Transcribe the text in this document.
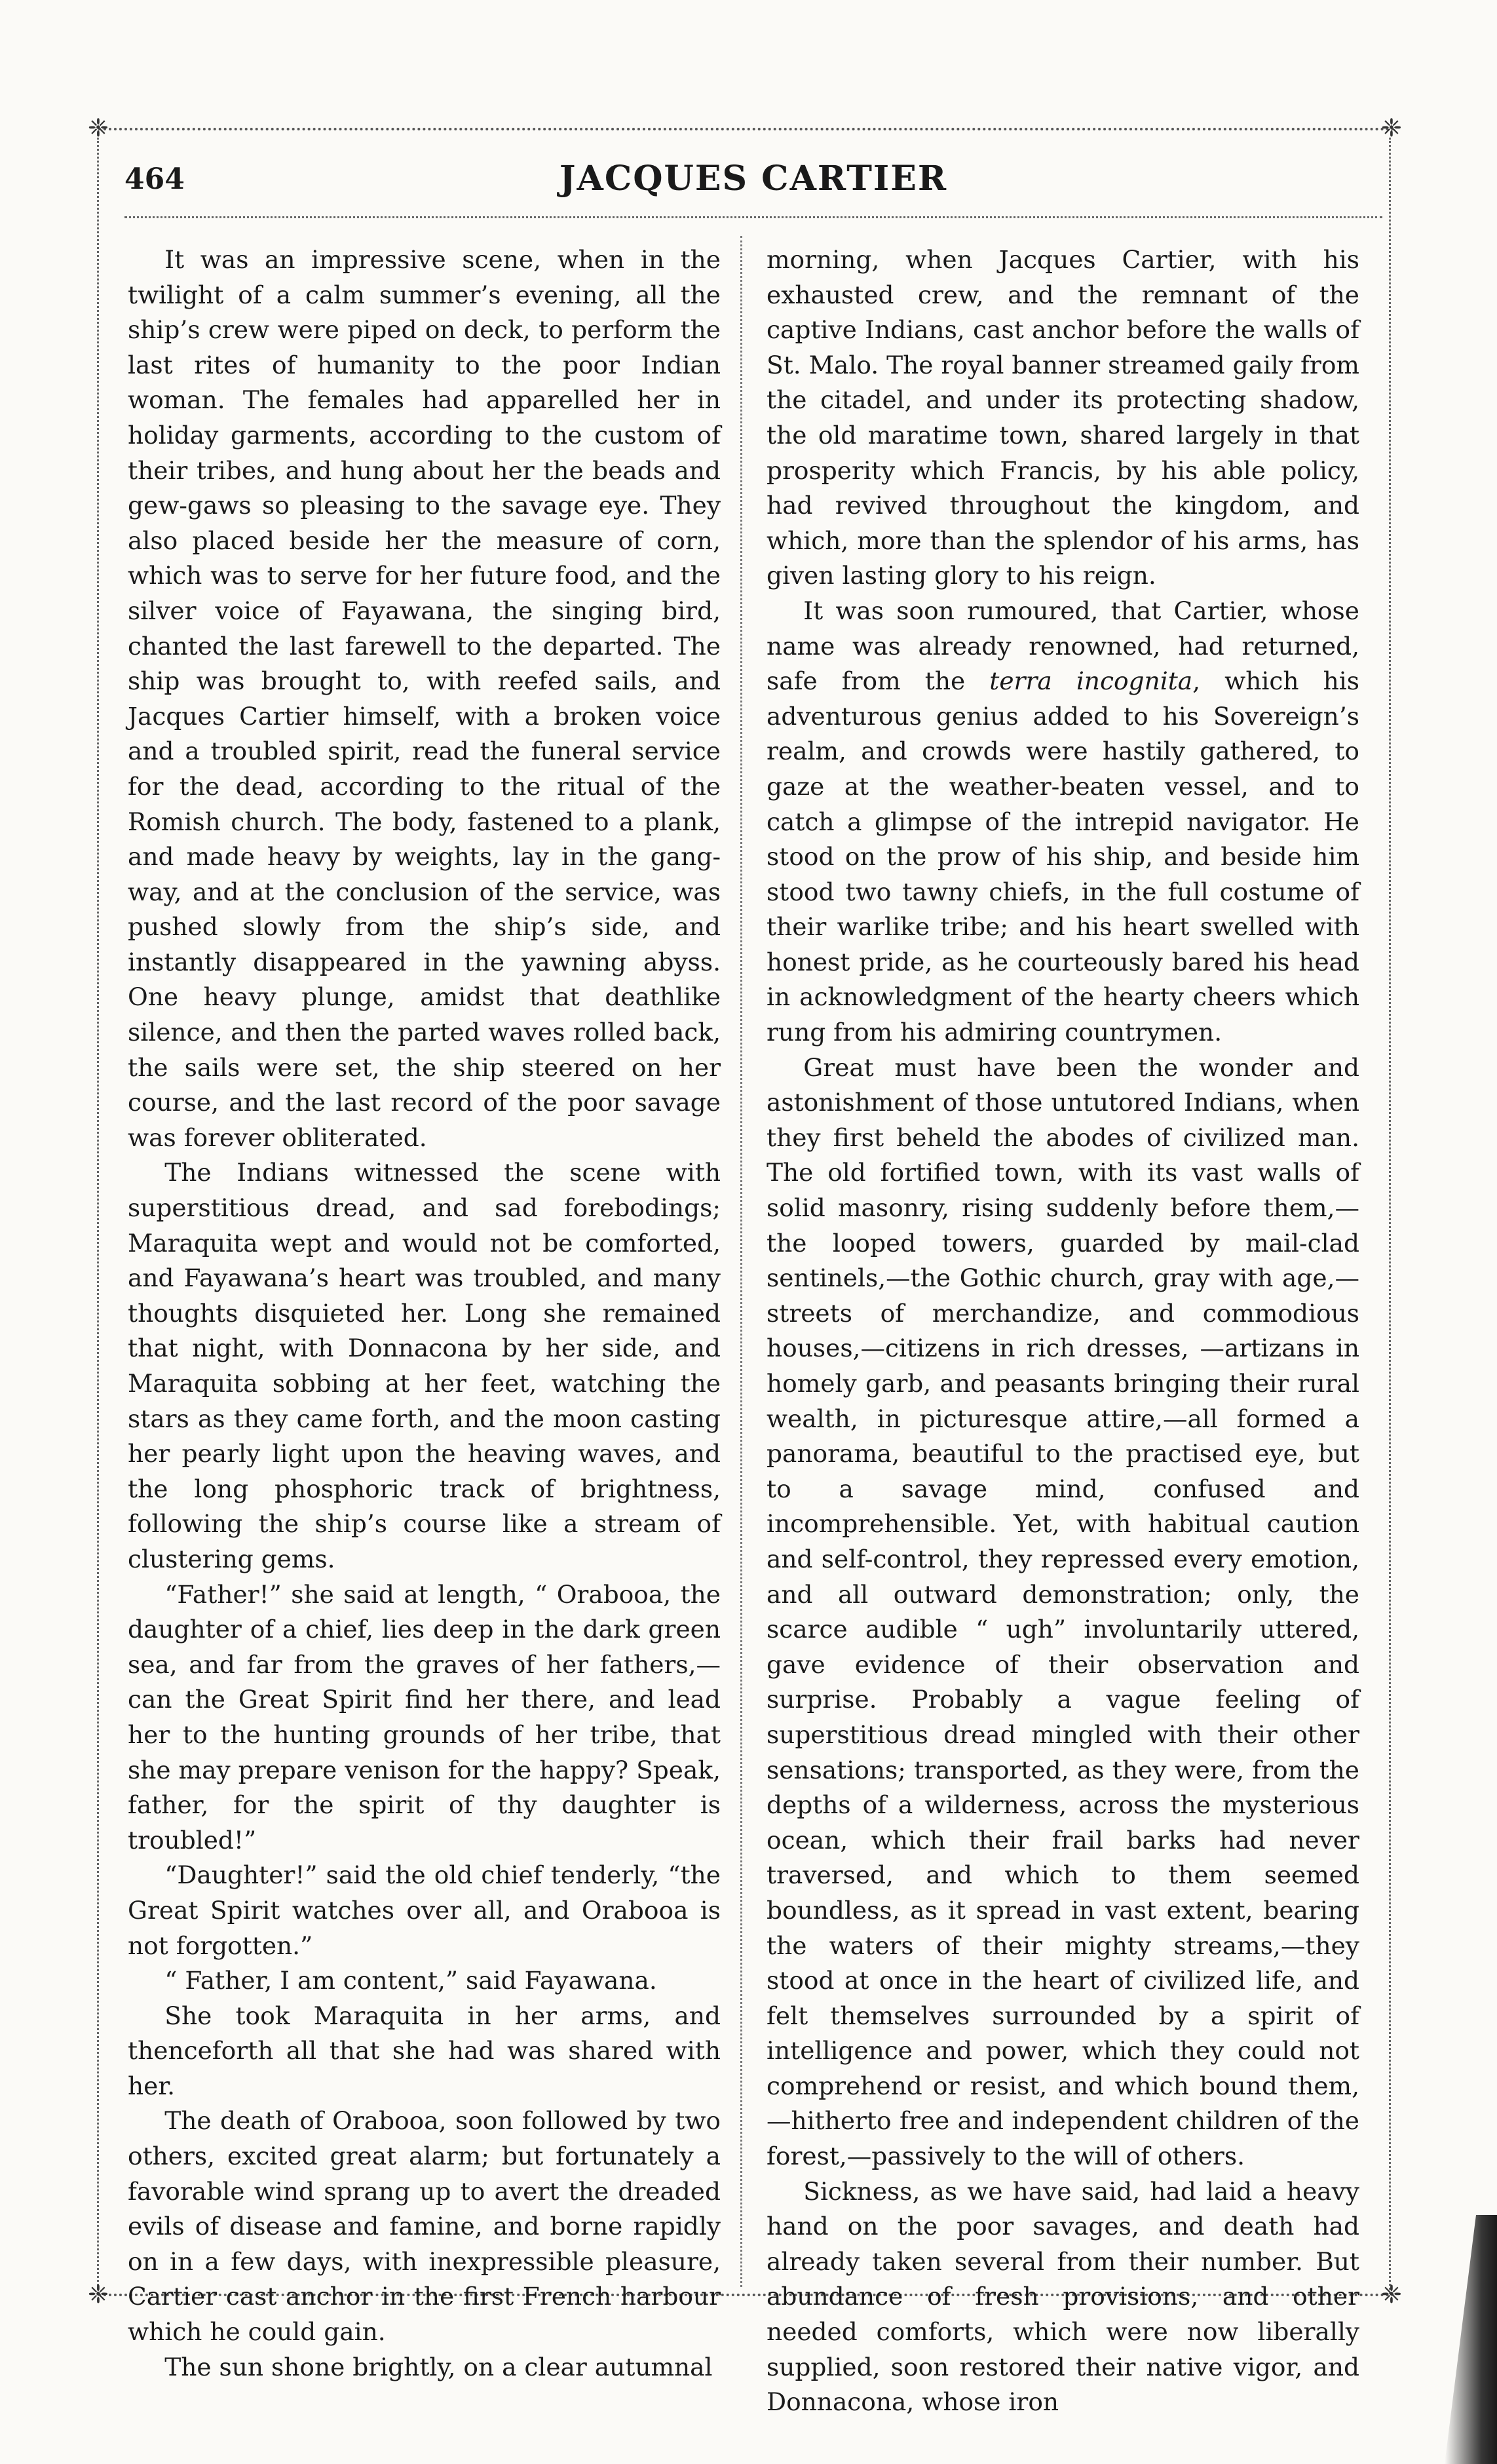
❈	❈
❈	❈
464	JACQUES CARTIER

It was an impressive scene, when in the twilight of a calm summer’s evening, all the ship’s crew were piped on deck, to perform the last rites of humanity to the poor Indian woman. The females had apparelled her in holiday garments, according to the custom of their tribes, and hung about her the beads and gew-gaws so pleasing to the savage eye. They also placed beside her the measure of corn, which was to serve for her future food, and the silver voice of Fayawana, the singing bird, chanted the last farewell to the departed. The ship was brought to, with reefed sails, and Jacques Cartier himself, with a broken voice and a troubled spirit, read the funeral service for the dead, according to the ritual of the Romish church. The body, fastened to a plank, and made heavy by weights, lay in the gang-way, and at the conclusion of the service, was pushed slowly from the ship’s side, and instantly disappeared in the yawning abyss. One heavy plunge, amidst that deathlike silence, and then the parted waves rolled back, the sails were set, the ship steered on her course, and the last record of the poor savage was forever obliterated.

The Indians witnessed the scene with superstitious dread, and sad forebodings; Maraquita wept and would not be comforted, and Fayawana’s heart was troubled, and many thoughts disquieted her. Long she remained that night, with Donnacona by her side, and Maraquita sobbing at her feet, watching the stars as they came forth, and the moon casting her pearly light upon the heaving waves, and the long phosphoric track of brightness, following the ship’s course like a stream of clustering gems.

“Father!” she said at length, “ Oraboоa, the daughter of a chief, lies deep in the dark green sea, and far from the graves of her fathers,—can the Great Spirit find her there, and lead her to the hunting grounds of her tribe, that she may prepare venison for the happy? Speak, father, for the spirit of thy daughter is troubled!”

“Daughter!” said the old chief tenderly, “the Great Spirit watches over all, and Oraboоa is not forgotten.”

“ Father, I am content,” said Fayawana.

She took Maraquita in her arms, and thenceforth all that she had was shared with her.

The death of Oraboоa, soon followed by two others, excited great alarm; but fortunately a favorable wind sprang up to avert the dreaded evils of disease and famine, and borne rapidly on in a few days, with inexpressible pleasure, Cartier cast anchor in the first French harbour which he could gain.

The sun shone brightly, on a clear autumnal

morning, when Jacques Cartier, with his exhausted crew, and the remnant of the captive Indians, cast anchor before the walls of St. Malo. The royal banner streamed gaily from the citadel, and under its protecting shadow, the old maratime town, shared largely in that prosperity which Francis, by his able policy, had revived throughout the kingdom, and which, more than the splendor of his arms, has given lasting glory to his reign.

It was soon rumoured, that Cartier, whose name was already renowned, had returned, safe from the terra incognita, which his adventurous genius added to his Sovereign’s realm, and crowds were hastily gathered, to gaze at the weather-beaten vessel, and to catch a glimpse of the intrepid navigator. He stood on the prow of his ship, and beside him stood two tawny chiefs, in the full costume of their warlike tribe; and his heart swelled with honest pride, as he courteously bared his head in acknowledgment of the hearty cheers which rung from his admiring countrymen.

Great must have been the wonder and astonishment of those untutored Indians, when they first beheld the abodes of civilized man. The old fortified town, with its vast walls of solid masonry, rising suddenly before them,—the looped towers, guarded by mail-clad sentinels,—the Gothic church, gray with age,—streets of merchandize, and commodious houses,—citizens in rich dresses, —artizans in homely garb, and peasants bringing their rural wealth, in picturesque attire,—all formed a panorama, beautiful to the practised eye, but to a savage mind, confused and incomprehensible. Yet, with habitual caution and self-control, they repressed every emotion, and all outward demonstration; only, the scarce audible “ ugh” involuntarily uttered, gave evidence of their observation and surprise. Probably a vague feeling of superstitious dread mingled with their other sensations; transported, as they were, from the depths of a wilderness, across the mysterious ocean, which their frail barks had never traversed, and which to them seemed boundless, as it spread in vast extent, bearing the waters of their mighty streams,—they stood at once in the heart of civilized life, and felt themselves surrounded by a spirit of intelligence and power, which they could not comprehend or resist, and which bound them, —hitherto free and independent children of the forest,—passively to the will of others.

Sickness, as we have said, had laid a heavy hand on the poor savages, and death had already taken several from their number. But abundance of fresh provisions, and other needed comforts, which were now liberally supplied, soon restored their native vigor, and Donnacona, whose iron
